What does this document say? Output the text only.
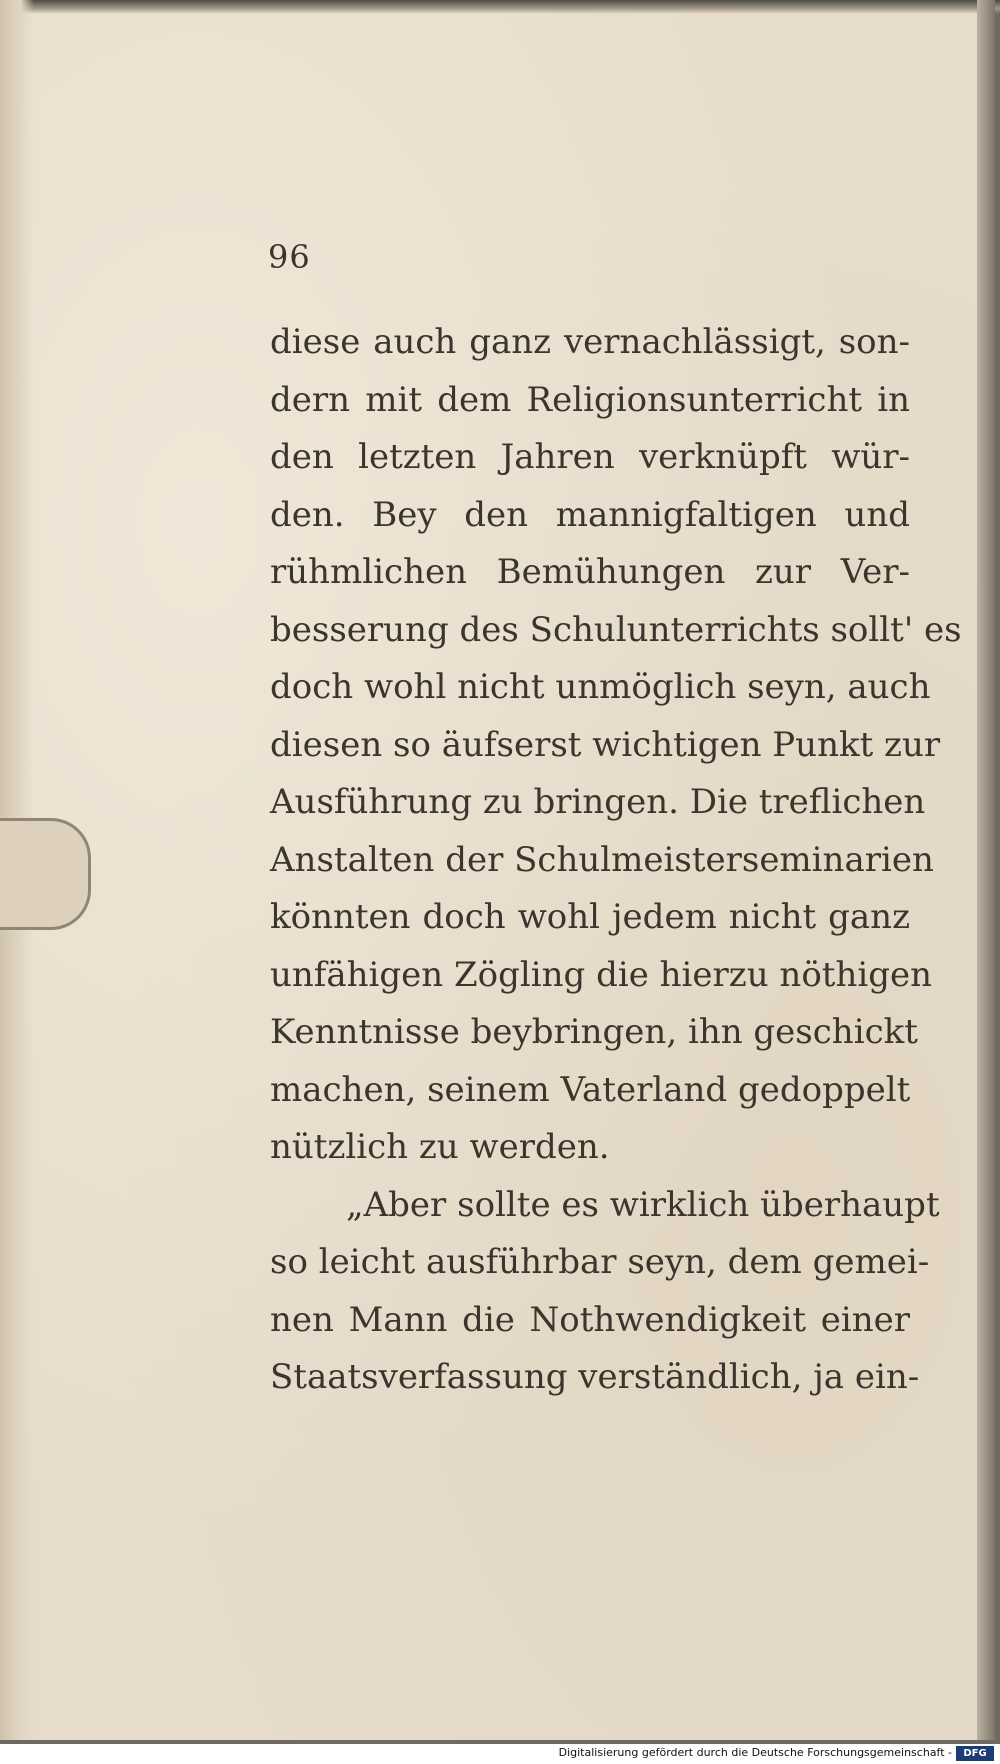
96
diese auch ganz vernachlässigt, son-
dern mit dem Religionsunterricht in
den letzten Jahren verknüpft wür-
den. Bey den mannigfaltigen und
rühmlichen Bemühungen zur Ver-
besserung des Schulunterrichts sollt' es
doch wohl nicht unmöglich seyn, auch
diesen so äufserst wichtigen Punkt zur
Ausführung zu bringen. Die treflichen
Anstalten der Schulmeisterseminarien
könnten doch wohl jedem nicht ganz
unfähigen Zögling die hierzu nöthigen
Kenntnisse beybringen, ihn geschickt
machen, seinem Vaterland gedoppelt
nützlich zu werden.
„Aber sollte es wirklich überhaupt
so leicht ausführbar seyn, dem gemei-
nen Mann die Nothwendigkeit einer
Staatsverfassung verständlich, ja ein-
Digitalisierung gefördert durch die Deutsche Forschungsgemeinschaft -	DFG
